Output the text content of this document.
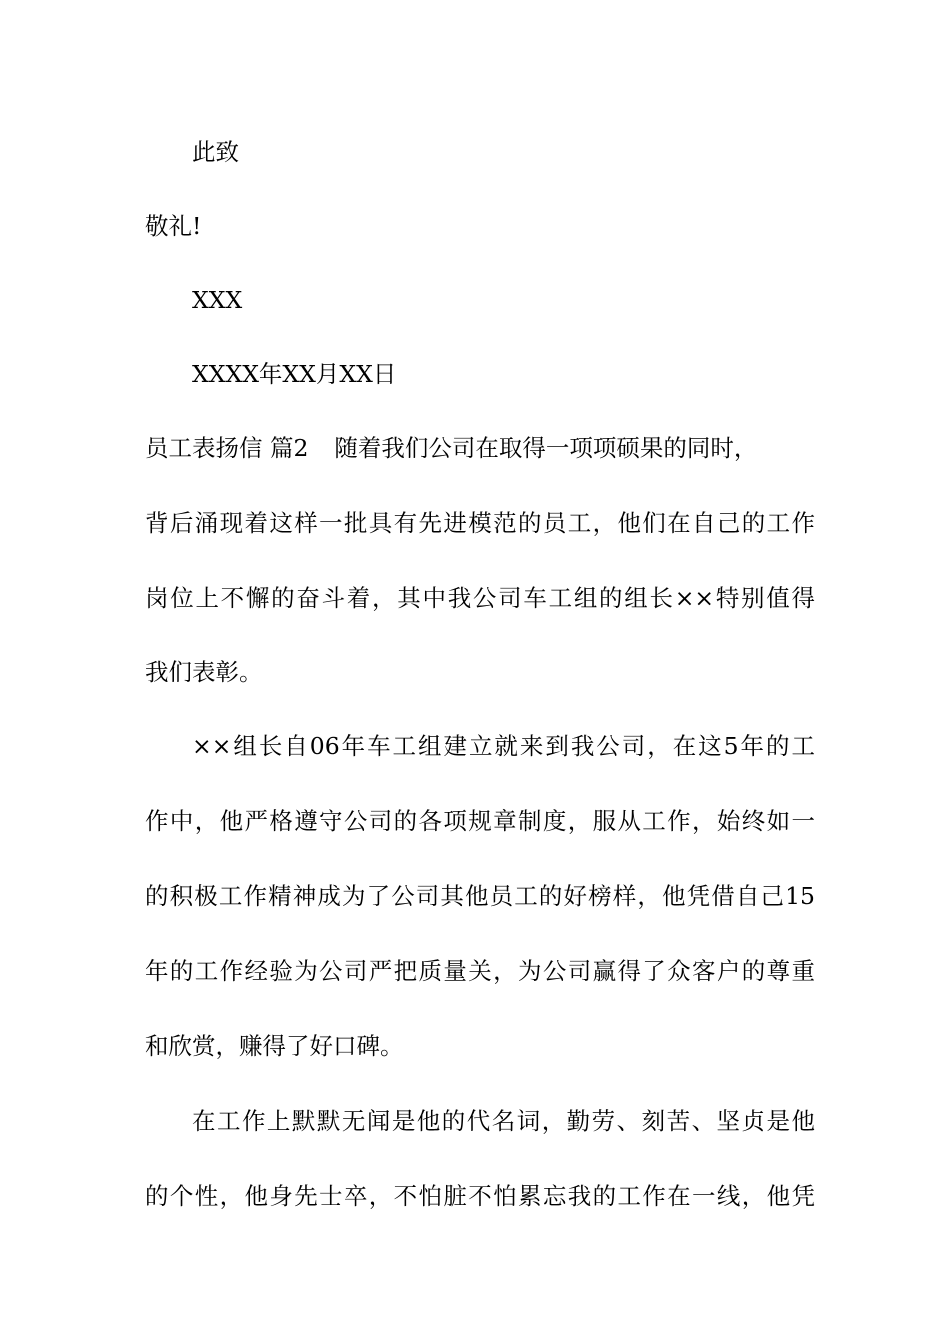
此致
敬礼!
XXX
XXXX年XX月XX日
员工表扬信 篇2 随着我们公司在取得一项项硕果的同时，
背后涌现着这样一批具有先进模范的员工，他们在自己的工作
岗位上不懈的奋斗着，其中我公司车工组的组长××特别值得
我们表彰。
××组长自06年车工组建立就来到我公司，在这5年的工
作中，他严格遵守公司的各项规章制度，服从工作，始终如一
的积极工作精神成为了公司其他员工的好榜样，他凭借自己15
年的工作经验为公司严把质量关，为公司赢得了众客户的尊重
和欣赏，赚得了好口碑。
在工作上默默无闻是他的代名词，勤劳、刻苦、坚贞是他
的个性，他身先士卒，不怕脏不怕累忘我的工作在一线，他凭
